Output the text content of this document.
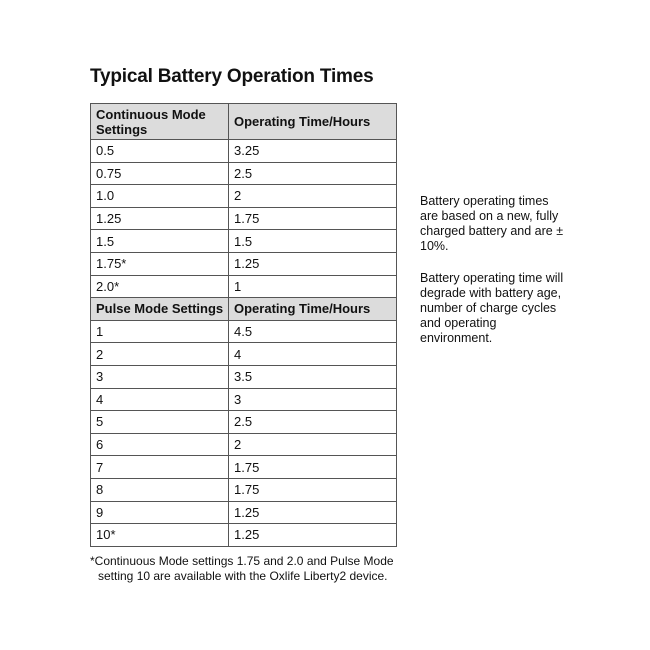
Typical Battery Operation Times
Continuous Mode Settings	Operating Time/Hours
0.5	3.25
0.75	2.5
1.0	2
1.25	1.75
1.5	1.5
1.75*	1.25
2.0*	1
Pulse Mode Settings	Operating Time/Hours
1	4.5
2	4
3	3.5
4	3
5	2.5
6	2
7	1.75
8	1.75
9	1.25
10*	1.25
*Continuous Mode settings 1.75 and 2.0 and Pulse Mode
setting 10 are available with the Oxlife Liberty2 device.
Battery operating times are based on a new, fully charged battery and are ± 10%.
Battery operating time will degrade with battery age, number of charge cycles and operating environment.
